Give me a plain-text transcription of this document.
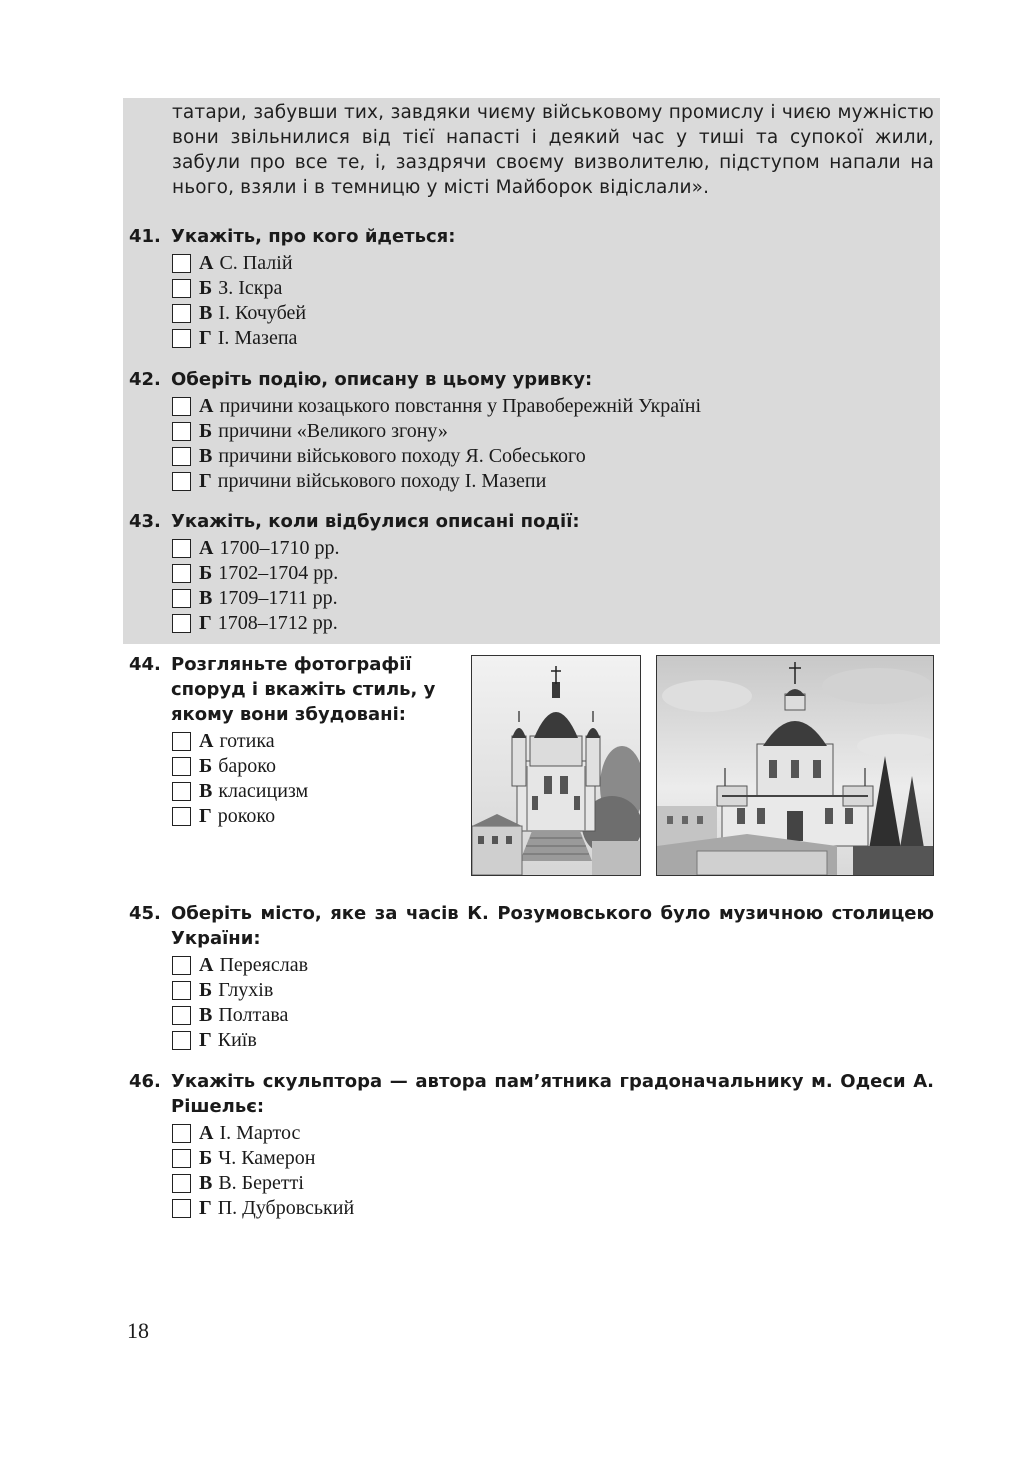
татари, забувши тих, завдяки чиєму військовому промислу і чиєю мужністю вони звільнилися від тієї напасті і деякий час у тиші та супокої жили, забули про все те, і, заздрячи своєму визволителю, підступом напали на нього, взяли і в темницю у місті Майборок відіслали».
41. Укажіть, про кого йдеться:
А С. Палій
Б З. Іскра
В І. Кочубей
Г І. Мазепа
42. Оберіть подію, описану в цьому уривку:
А причини козацького повстання у Правобережній Україні
Б причини «Великого згону»
В причини військового походу Я. Собеського
Г причини військового походу І. Мазепи
43. Укажіть, коли відбулися описані події:
А 1700–1710 рр.
Б 1702–1704 рр.
В 1709–1711 рр.
Г 1708–1712 рр.
44. Розгляньте фотографії споруд і вкажіть стиль, у якому вони збудовані:
А готика
Б бароко
В класицизм
Г рококо
45. Оберіть місто, яке за часів К. Розумовського було музичною столицею України:
А Переяслав
Б Глухів
В Полтава
Г Київ
46. Укажіть скульптора — автора пам’ятника градоначальнику м. Одеси А. Рішельє:
А І. Мартос
Б Ч. Камерон
В В. Беретті
Г П. Дубровський
18
